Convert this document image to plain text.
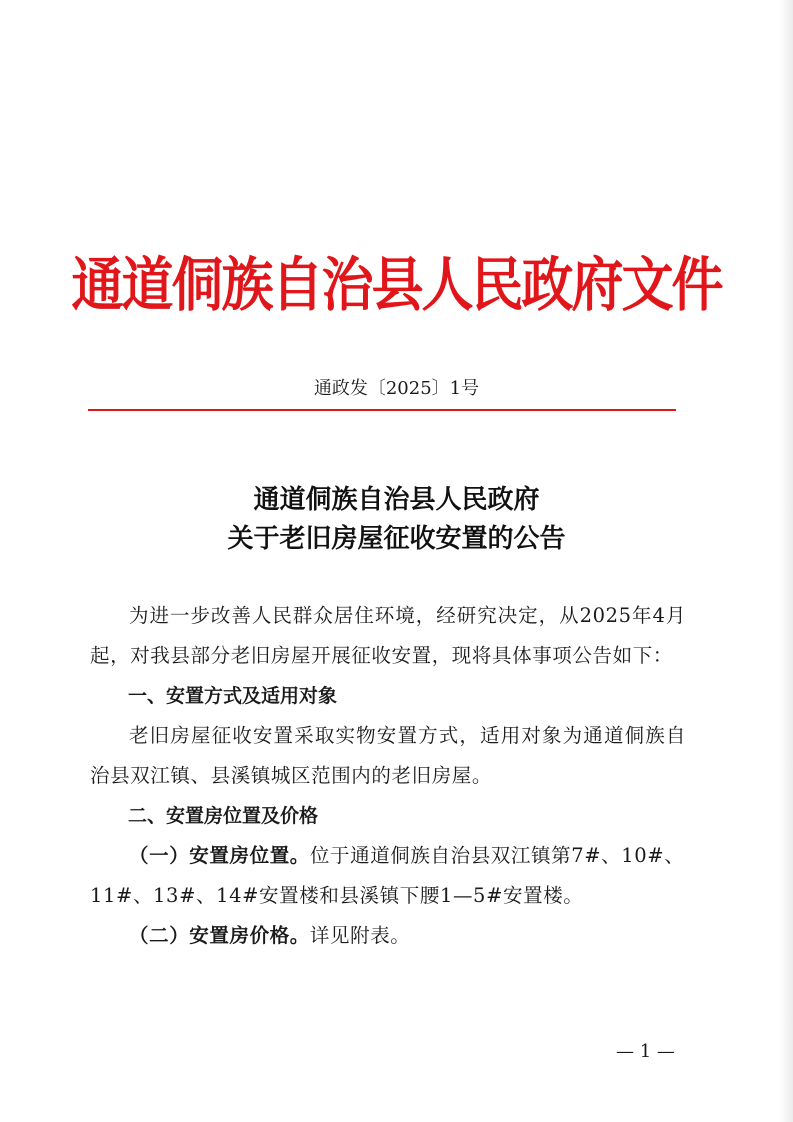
通道侗族自治县人民政府文件
通政发〔2025〕1号
通道侗族自治县人民政府
关于老旧房屋征收安置的公告

为进一步改善人民群众居住环境，经研究决定，从2025年4月起，对我县部分老旧房屋开展征收安置，现将具体事项公告如下：

一、安置方式及适用对象

老旧房屋征收安置采取实物安置方式，适用对象为通道侗族自治县双江镇、县溪镇城区范围内的老旧房屋。

二、安置房位置及价格

（一）安置房位置。位于通道侗族自治县双江镇第7#、10#、11#、13#、14#安置楼和县溪镇下腰1—5#安置楼。

（二）安置房价格。详见附表。

— 1 —
